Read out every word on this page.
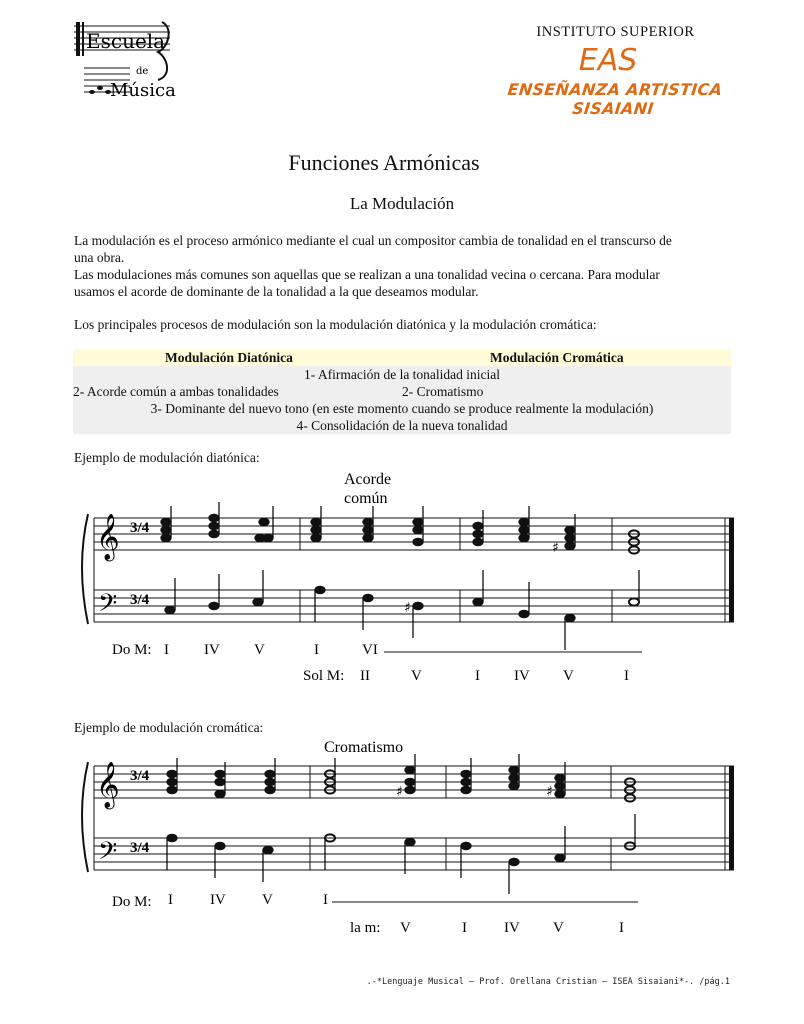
Escuela
de
Música
INSTITUTO SUPERIOR
EAS
ENSEÑANZA ARTISTICA SISAIANI
Funciones Armónicas
La Modulación
La modulación es el proceso armónico mediante el cual un compositor cambia de tonalidad en el transcurso de una obra.
Las modulaciones más comunes son aquellas que se realizan a una tonalidad vecina o cercana. Para modular usamos el acorde de dominante de la tonalidad a la que deseamos modular.
Los principales procesos de modulación son la modulación diatónica y la modulación cromática:
Modulación Diatónica	Modulación Cromática
1- Afirmación de la tonalidad inicial
2- Acorde común a ambas tonalidades	2- Cromatismo
3- Dominante del nuevo tono (en este momento cuando se produce realmente la modulación)
4- Consolidación de la nueva tonalidad
Ejemplo de modulación diatónica:
Acorde
común
𝄞
𝄢
3/4
3/4	♯
♯
Do M: I IV V	I	VI
Sol M: II	V	I IV V	I
Ejemplo de modulación cromática:
Cromatismo
𝄞
𝄢
3/4
3/4
♯	♯
Do M: I IV V	I
la m: V	I IV V	I
.-*Lenguaje Musical – Prof. Orellana Cristian – ISEA Sisaiani*-. /pág.1
